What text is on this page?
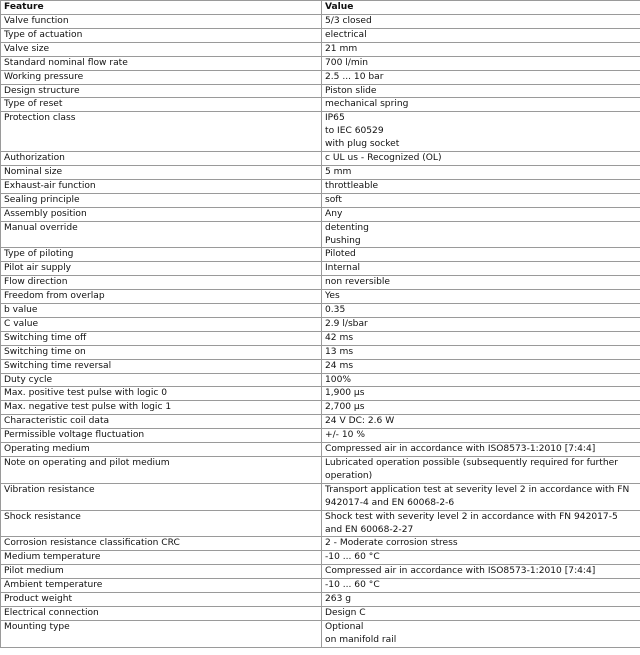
Feature	Value
Valve function	5/3 closed

Type of actuation	electrical

Valve size	21 mm

Standard nominal flow rate	700 l/min

Working pressure	2.5 ... 10 bar

Design structure	Piston slide

Type of reset	mechanical spring

Protection class	IP65
to IEC 60529
with plug socket

Authorization	c UL us - Recognized (OL)

Nominal size	5 mm

Exhaust-air function	throttleable

Sealing principle	soft

Assembly position	Any

Manual override	detenting
Pushing

Type of piloting	Piloted

Pilot air supply	Internal

Flow direction	non reversible

Freedom from overlap	Yes

b value	0.35

C value	2.9 l/sbar

Switching time off	42 ms

Switching time on	13 ms

Switching time reversal	24 ms

Duty cycle	100%

Max. positive test pulse with logic 0	1,900 µs

Max. negative test pulse with logic 1	2,700 µs

Characteristic coil data	24 V DC: 2.6 W

Permissible voltage fluctuation	+/- 10 %

Operating medium	Compressed air in accordance with ISO8573-1:2010 [7:4:4]

Note on operating and pilot medium	Lubricated operation possible (subsequently required for further operation)

Vibration resistance	Transport application test at severity level 2 in accordance with FN 942017-4 and EN 60068-2-6

Shock resistance	Shock test with severity level 2 in accordance with FN 942017-5 and EN 60068-2-27

Corrosion resistance classification CRC	2 - Moderate corrosion stress

Medium temperature	-10 ... 60 °C

Pilot medium	Compressed air in accordance with ISO8573-1:2010 [7:4:4]

Ambient temperature	-10 ... 60 °C

Product weight	263 g

Electrical connection	Design C

Mounting type	Optional
on manifold rail
